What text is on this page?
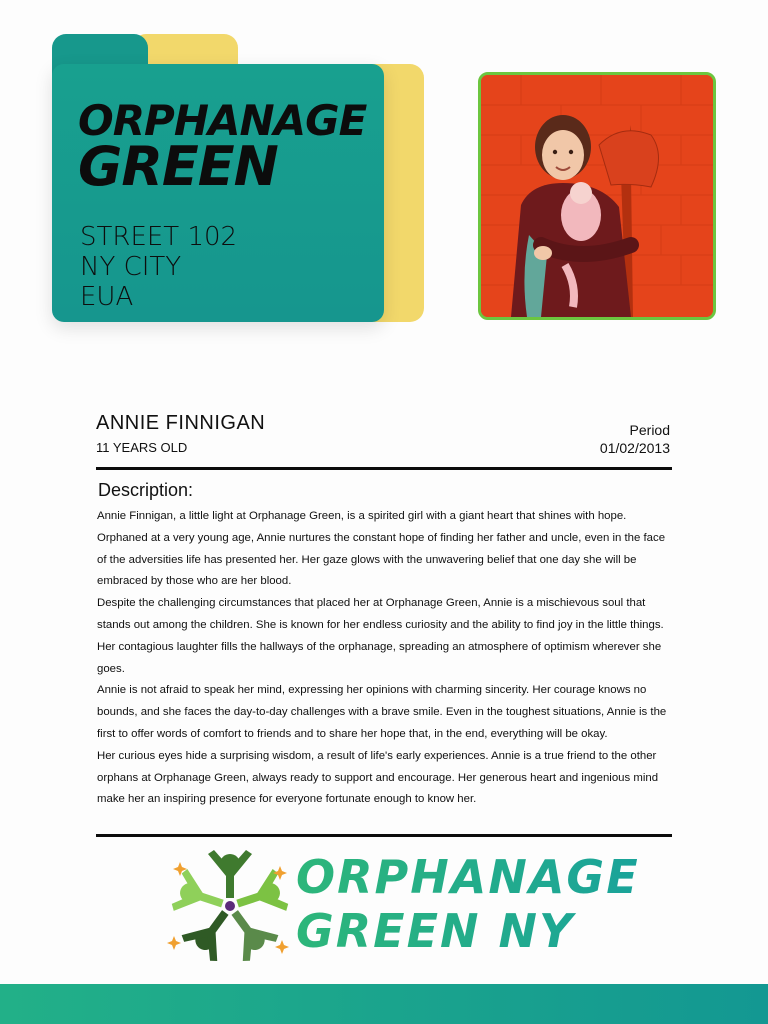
ORPHANAGE
GREEN
STREET 102
NY CITY
EUA
ANNIE FINNIGAN
11 YEARS OLD
Period
01/02/2013
Description:

Annie Finnigan, a little light at Orphanage Green, is a spirited girl with a giant heart that shines with hope. Orphaned at a very young age, Annie nurtures the constant hope of finding her father and uncle, even in the face of the adversities life has presented her. Her gaze glows with the unwavering belief that one day she will be embraced by those who are her blood.

Despite the challenging circumstances that placed her at Orphanage Green, Annie is a mischievous soul that stands out among the children. She is known for her endless curiosity and the ability to find joy in the little things. Her contagious laughter fills the hallways of the orphanage, spreading an atmosphere of optimism wherever she goes.

Annie is not afraid to speak her mind, expressing her opinions with charming sincerity. Her courage knows no bounds, and she faces the day-to-day challenges with a brave smile. Even in the toughest situations, Annie is the first to offer words of comfort to friends and to share her hope that, in the end, everything will be okay.

Her curious eyes hide a surprising wisdom, a result of life's early experiences. Annie is a true friend to the other orphans at Orphanage Green, always ready to support and encourage. Her generous heart and ingenious mind make her an inspiring presence for everyone fortunate enough to know her.

ORPHANAGE
GREEN NY
